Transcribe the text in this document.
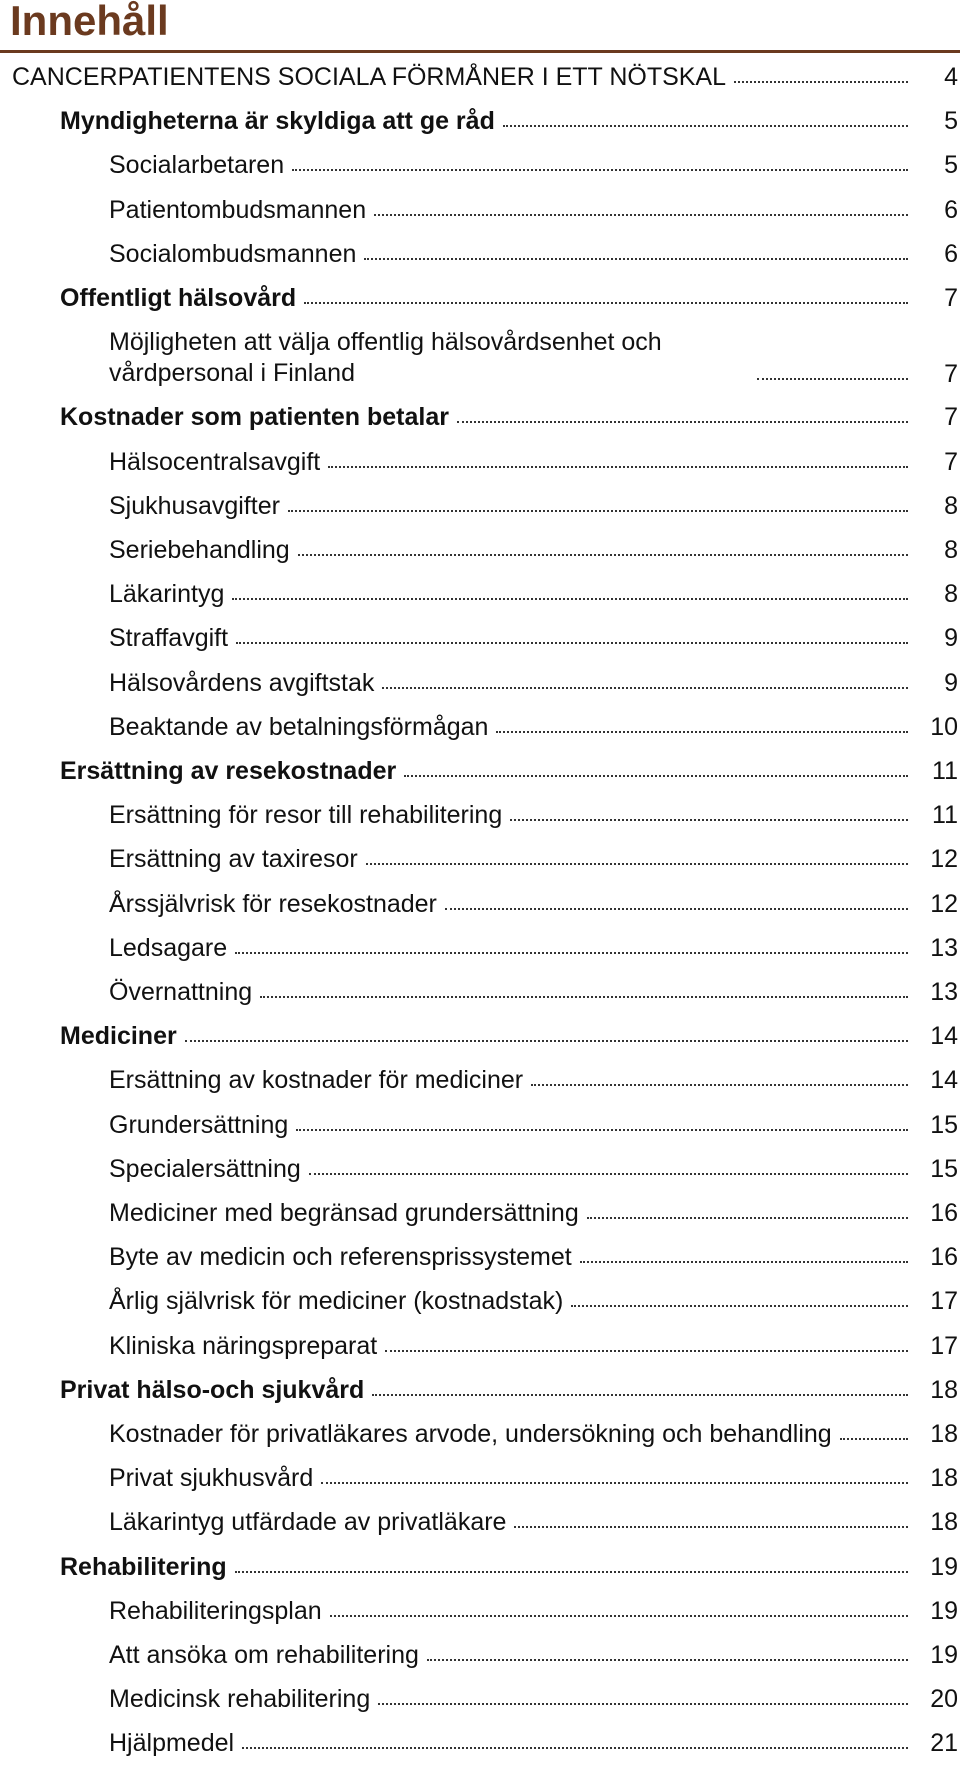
Innehåll
CANCERPATIENTENS SOCIALA FÖRMÅNER I ETT NÖTSKAL	4
Myndigheterna är skyldiga att ge råd	5
Socialarbetaren	5
Patientombudsmannen	6
Socialombudsmannen	6
Offentligt hälsovård	7
Möjligheten att välja offentlig hälsovårdsenhet och vårdpersonal i Finland	7
Kostnader som patienten betalar	7
Hälsocentralsavgift	7
Sjukhusavgifter	8
Seriebehandling	8
Läkarintyg	8
Straffavgift	9
Hälsovårdens avgiftstak	9
Beaktande av betalningsförmågan	10
Ersättning av resekostnader	11
Ersättning för resor till rehabilitering	11
Ersättning av taxiresor	12
Årssjälvrisk för resekostnader	12
Ledsagare	13
Övernattning	13
Mediciner	14
Ersättning av kostnader för mediciner	14
Grundersättning	15
Specialersättning	15
Mediciner med begränsad grundersättning	16
Byte av medicin och referensprissystemet	16
Årlig självrisk för mediciner (kostnadstak)	17
Kliniska näringspreparat	17
Privat hälso-och sjukvård	18
Kostnader för privatläkares arvode, undersökning och behandling	18
Privat sjukhusvård	18
Läkarintyg utfärdade av privatläkare	18
Rehabilitering	19
Rehabiliteringsplan	19
Att ansöka om rehabilitering	19
Medicinsk rehabilitering	20
Hjälpmedel	21
